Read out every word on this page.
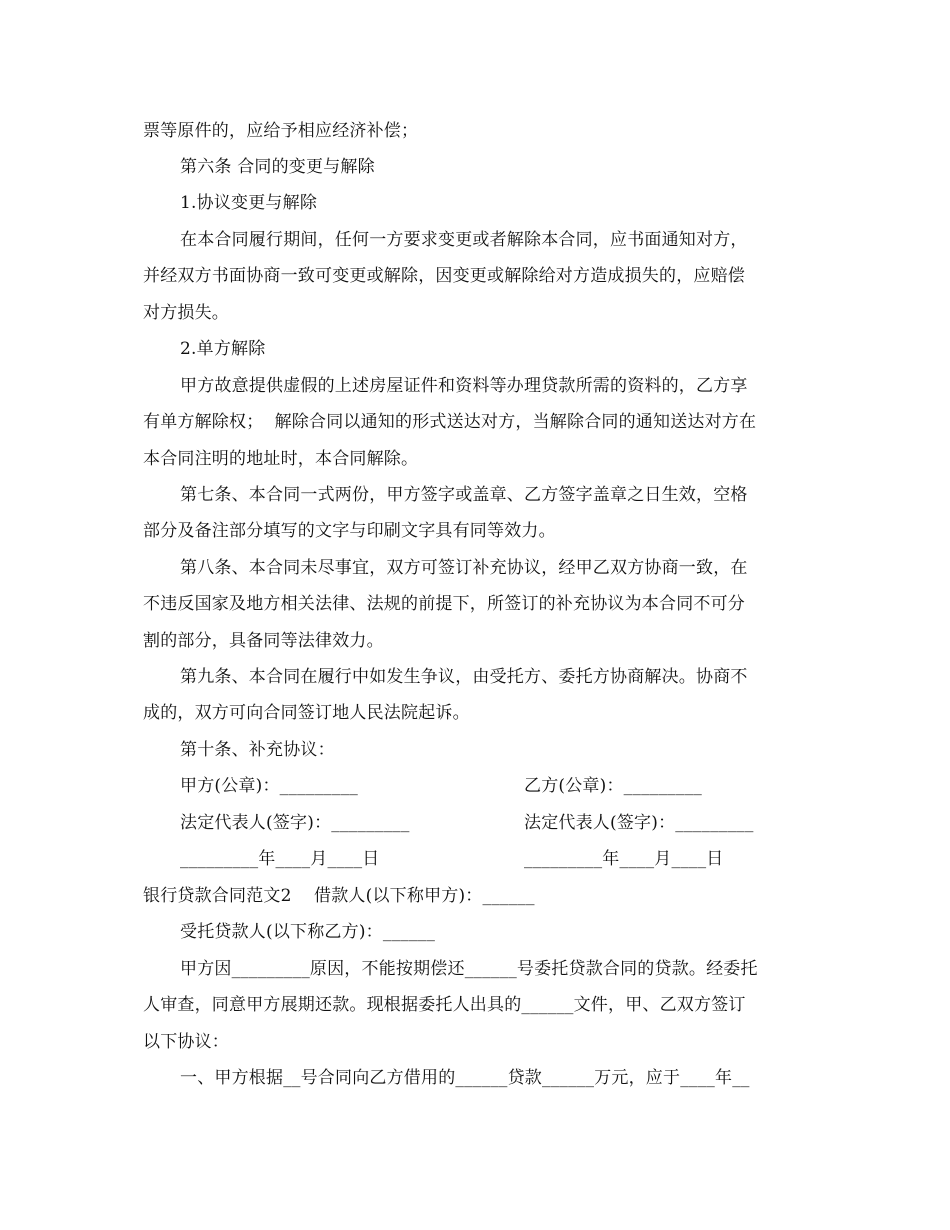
票等原件的，应给予相应经济补偿；
第六条 合同的变更与解除
1.协议变更与解除
在本合同履行期间，任何一方要求变更或者解除本合同，应书面通知对方，
并经双方书面协商一致可变更或解除，因变更或解除给对方造成损失的，应赔偿
对方损失。
2.单方解除
甲方故意提供虚假的上述房屋证件和资料等办理贷款所需的资料的，乙方享
有单方解除权；  解除合同以通知的形式送达对方，当解除合同的通知送达对方在
本合同注明的地址时，本合同解除。
第七条、本合同一式两份，甲方签字或盖章、乙方签字盖章之日生效，空格
部分及备注部分填写的文字与印刷文字具有同等效力。
第八条、本合同未尽事宜，双方可签订补充协议，经甲乙双方协商一致，在
不违反国家及地方相关法律、法规的前提下，所签订的补充协议为本合同不可分
割的部分，具备同等法律效力。
第九条、本合同在履行中如发生争议，由受托方、委托方协商解决。协商不
成的，双方可向合同签订地人民法院起诉。
第十条、补充协议：
甲方(公章)：_________	乙方(公章)：_________
法定代表人(签字)：_________	法定代表人(签字)：_________
_________年____月____日	_________年____月____日
银行贷款合同范文2    借款人(以下称甲方)：______
受托贷款人(以下称乙方)：______
甲方因_________原因，不能按期偿还______号委托贷款合同的贷款。经委托
人审查，同意甲方展期还款。现根据委托人出具的______文件，甲、乙双方签订
以下协议：
一、甲方根据__号合同向乙方借用的______贷款______万元，应于____年__
